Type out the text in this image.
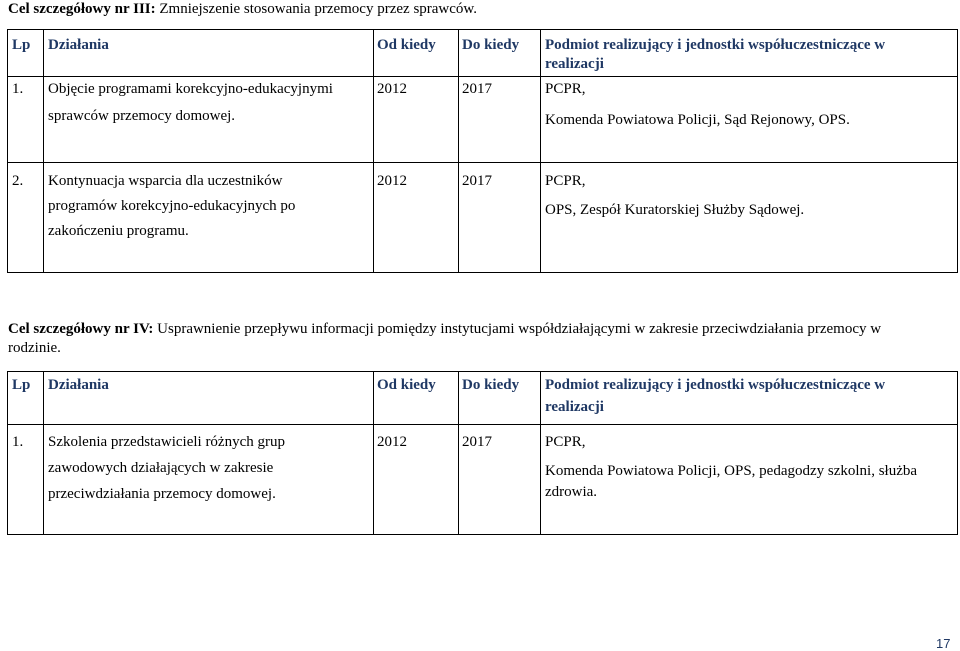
Cel szczegółowy nr III: Zmniejszenie stosowania przemocy przez sprawców.
Lp	Działania	Od kiedy	Do kiedy	Podmiot realizujący i jednostki współuczestniczące w
realizacji

1.	Objęcie programami korekcyjno-edukacyjnymi
sprawców przemocy domowej.	2012	2017	PCPR,
Komenda Powiatowa Policji, Sąd Rejonowy, OPS.

2.	Kontynuacja wsparcia dla uczestników
programów korekcyjno-edukacyjnych po
zakończeniu programu.	2012	2017	PCPR,
OPS, Zespół Kuratorskiej Służby Sądowej.
Cel szczegółowy nr IV: Usprawnienie przepływu informacji pomiędzy instytucjami współdziałającymi w zakresie przeciwdziałania przemocy w
rodzinie.
Lp	Działania	Od kiedy	Do kiedy	Podmiot realizujący i jednostki współuczestniczące w
realizacji

1.	Szkolenia przedstawicieli różnych grup
zawodowych działających w zakresie
przeciwdziałania przemocy domowej.	2012	2017	PCPR,
Komenda Powiatowa Policji, OPS, pedagodzy szkolni, służba
zdrowia.
17
